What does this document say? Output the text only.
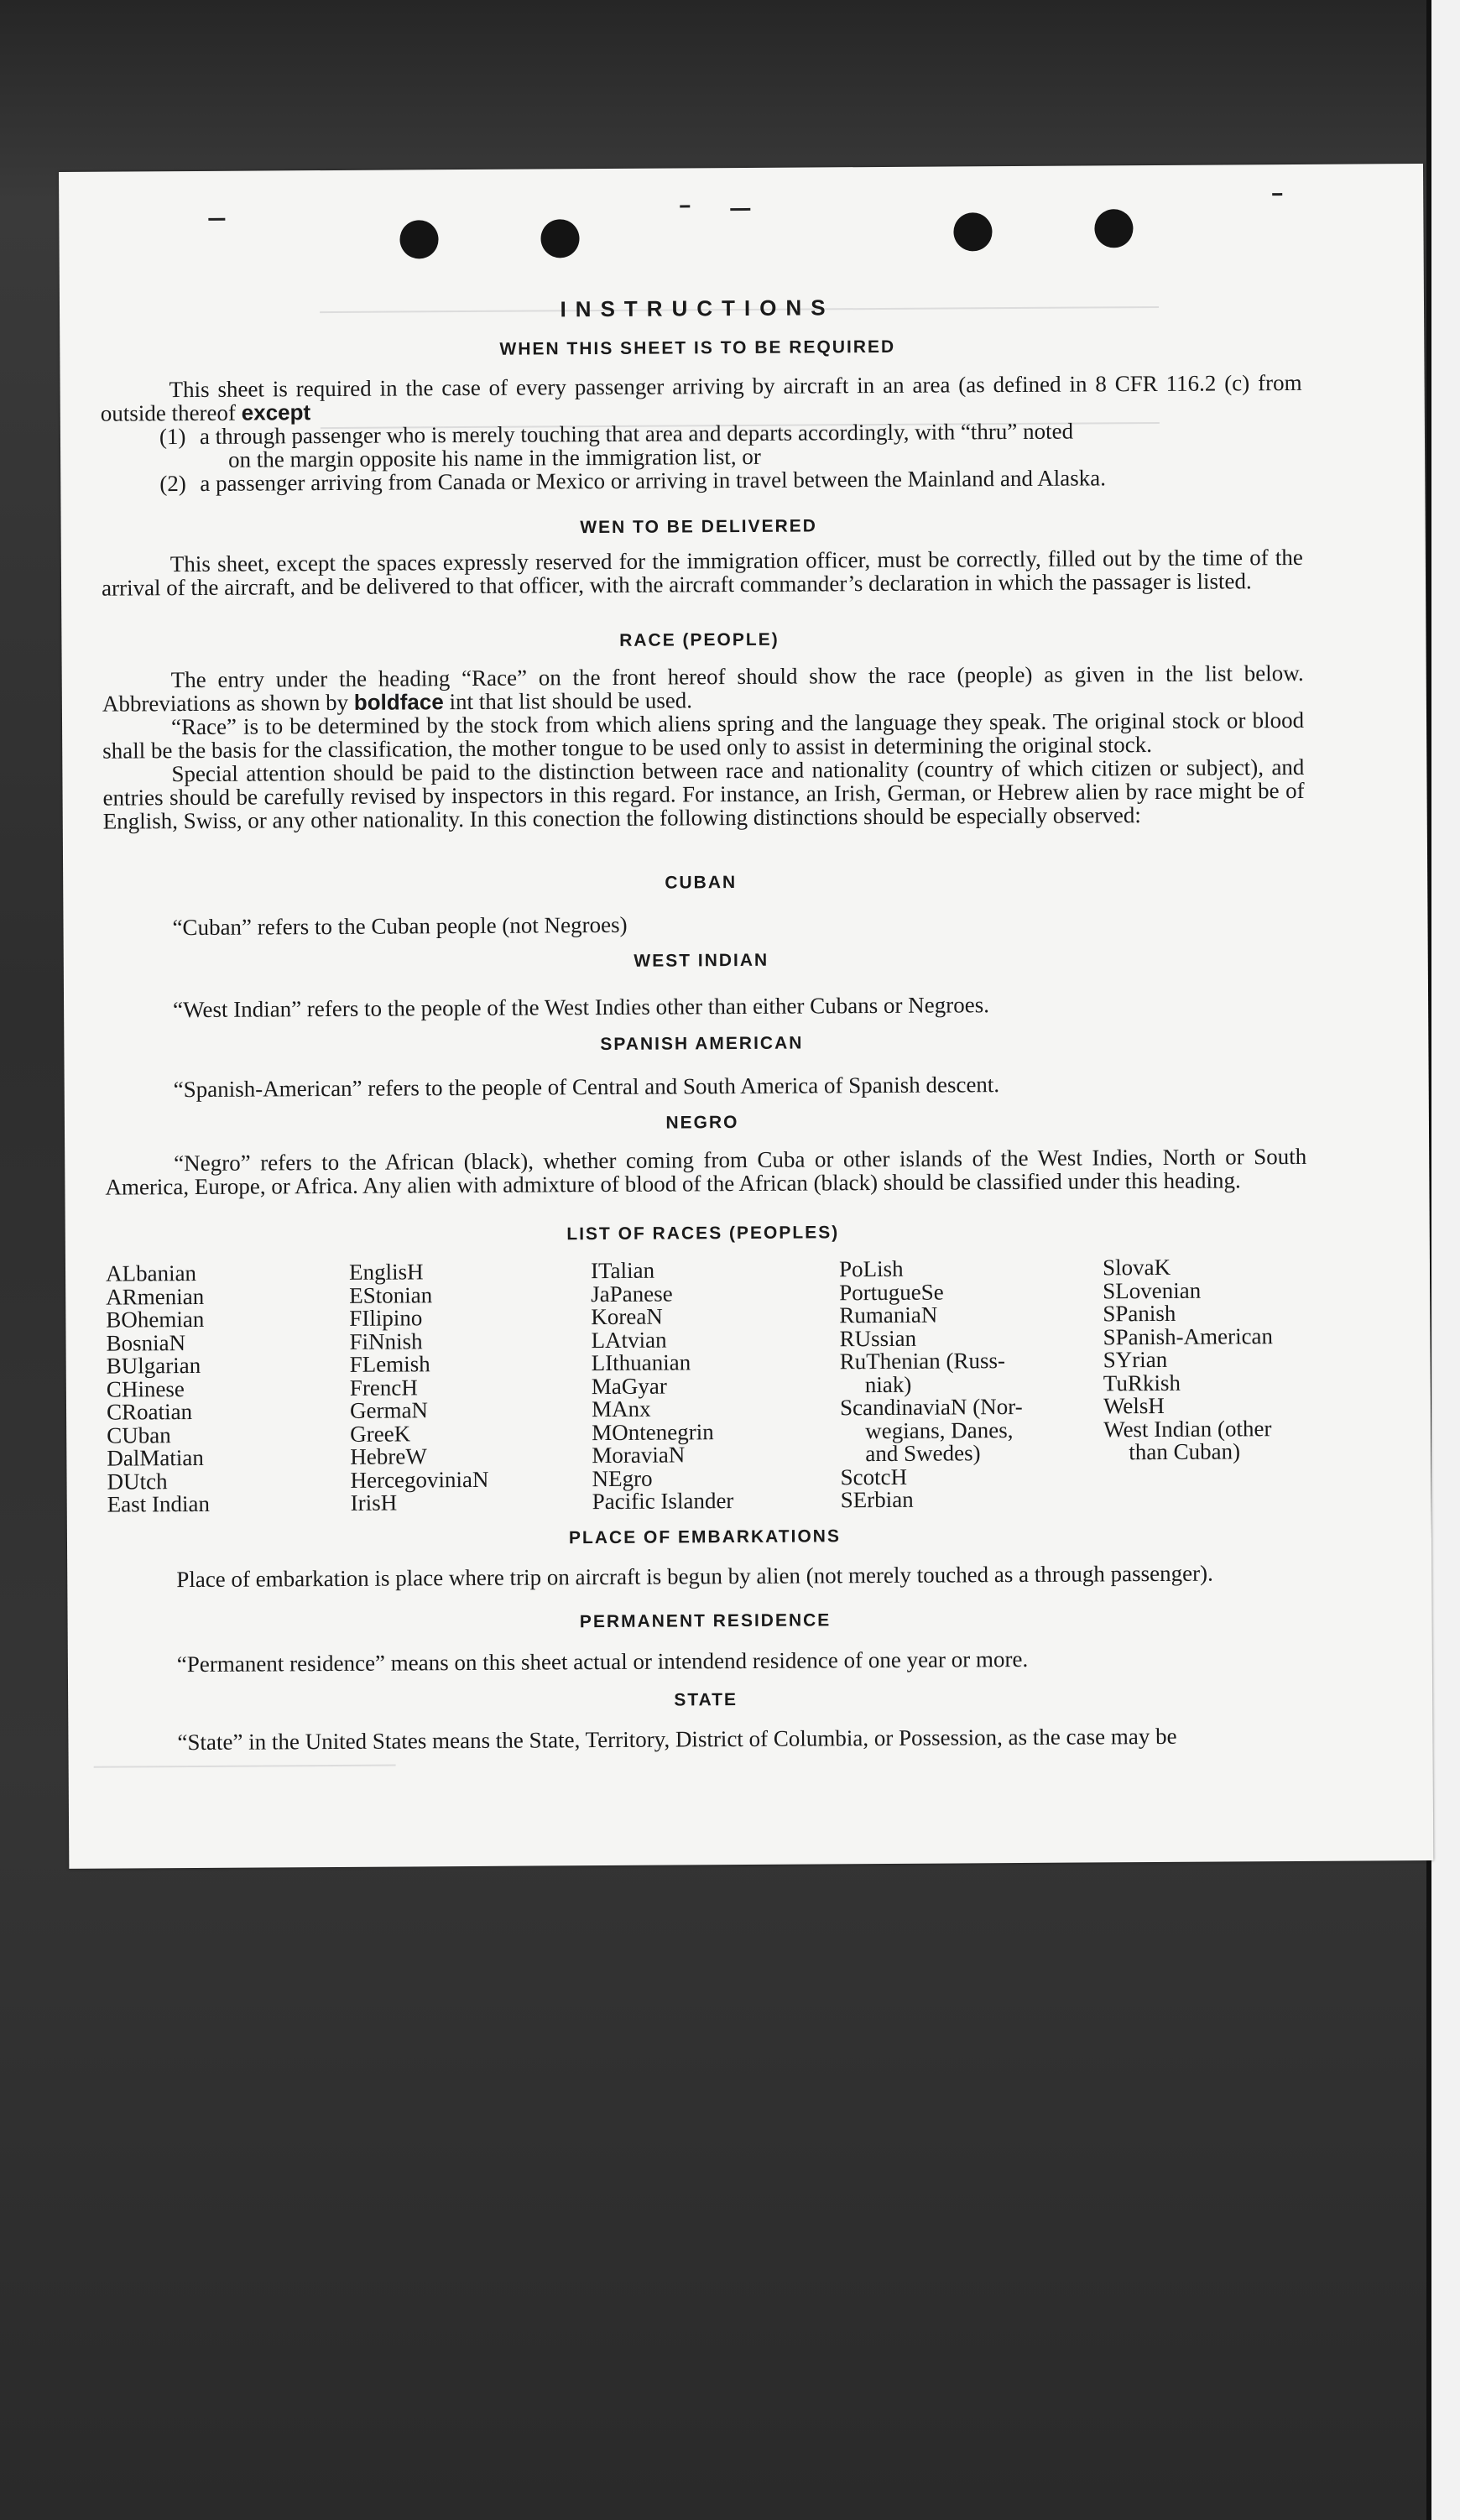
INSTRUCTIONS
WHEN THIS SHEET IS TO BE REQUIRED

This sheet is required in the case of every passenger arriving by aircraft in an area (as defined in 8 CFR 116.2 (c) from outside thereof except

(1) a through passenger who is merely touching that area and departs accordingly, with “thru” noted
on the margin opposite his name in the immigration list, or
(2) a passenger arriving from Canada or Mexico or arriving in travel between the Mainland and Alaska.
WEN TO BE DELIVERED

This sheet, except the spaces expressly reserved for the immigration officer, must be correctly, filled out by the time of the arrival of the aircraft, and be delivered to that officer, with the aircraft commander’s declaration in which the passager is listed.

RACE (PEOPLE)

The entry under the heading “Race” on the front hereof should show the race (people) as given in the list below. Abbreviations as shown by boldface int that list should be used.

“Race” is to be determined by the stock from which aliens spring and the language they speak. The original stock or blood shall be the basis for the classification, the mother tongue to be used only to assist in determining the original stock.

Special attention should be paid to the distinction between race and nationality (country of which citizen or subject), and entries should be carefully revised by inspectors in this regard. For instance, an Irish, German, or Hebrew alien by race might be of English, Swiss, or any other nationality. In this conection the following distinctions should be especially observed:

CUBAN

“Cuban” refers to the Cuban people (not Negroes)

WEST INDIAN

“West Indian” refers to the people of the West Indies other than either Cubans or Negroes.

SPANISH AMERICAN

“Spanish-American” refers to the people of Central and South America of Spanish descent.

NEGRO

“Negro” refers to the African (black), whether coming from Cuba or other islands of the West Indies, North or South America, Europe, or Africa. Any alien with admixture of blood of the African (black) should be classified under this heading.

LIST OF RACES (PEOPLES)
ALbanian
ARmenian
BOhemian
BosniaN
BUlgarian
CHinese
CRoatian
CUban
DalMatian
DUtch
East Indian
EnglisH
EStonian
FIlipino
FiNnish
FLemish
FrencH
GermaN
GreeK
HebreW
HercegoviniaN
IrisH
ITalian
JaPanese
KoreaN
LAtvian
LIthuanian
MaGyar
MAnx
MOntenegrin
MoraviaN
NEgro
Pacific Islander
PoLish
PortugueSe
RumaniaN
RUssian
RuThenian (Russ-
niak)
ScandinaviaN (Nor-
wegians, Danes,
and Swedes)
ScotcH
SErbian
SlovaK
SLovenian
SPanish
SPanish-American
SYrian
TuRkish
WelsH
West Indian (other
than Cuban)
PLACE OF EMBARKATIONS

Place of embarkation is place where trip on aircraft is begun by alien (not merely touched as a through passenger).

PERMANENT RESIDENCE

“Permanent residence” means on this sheet actual or intendend residence of one year or more.

STATE

“State” in the United States means the State, Territory, District of Columbia, or Possession, as the case may be
